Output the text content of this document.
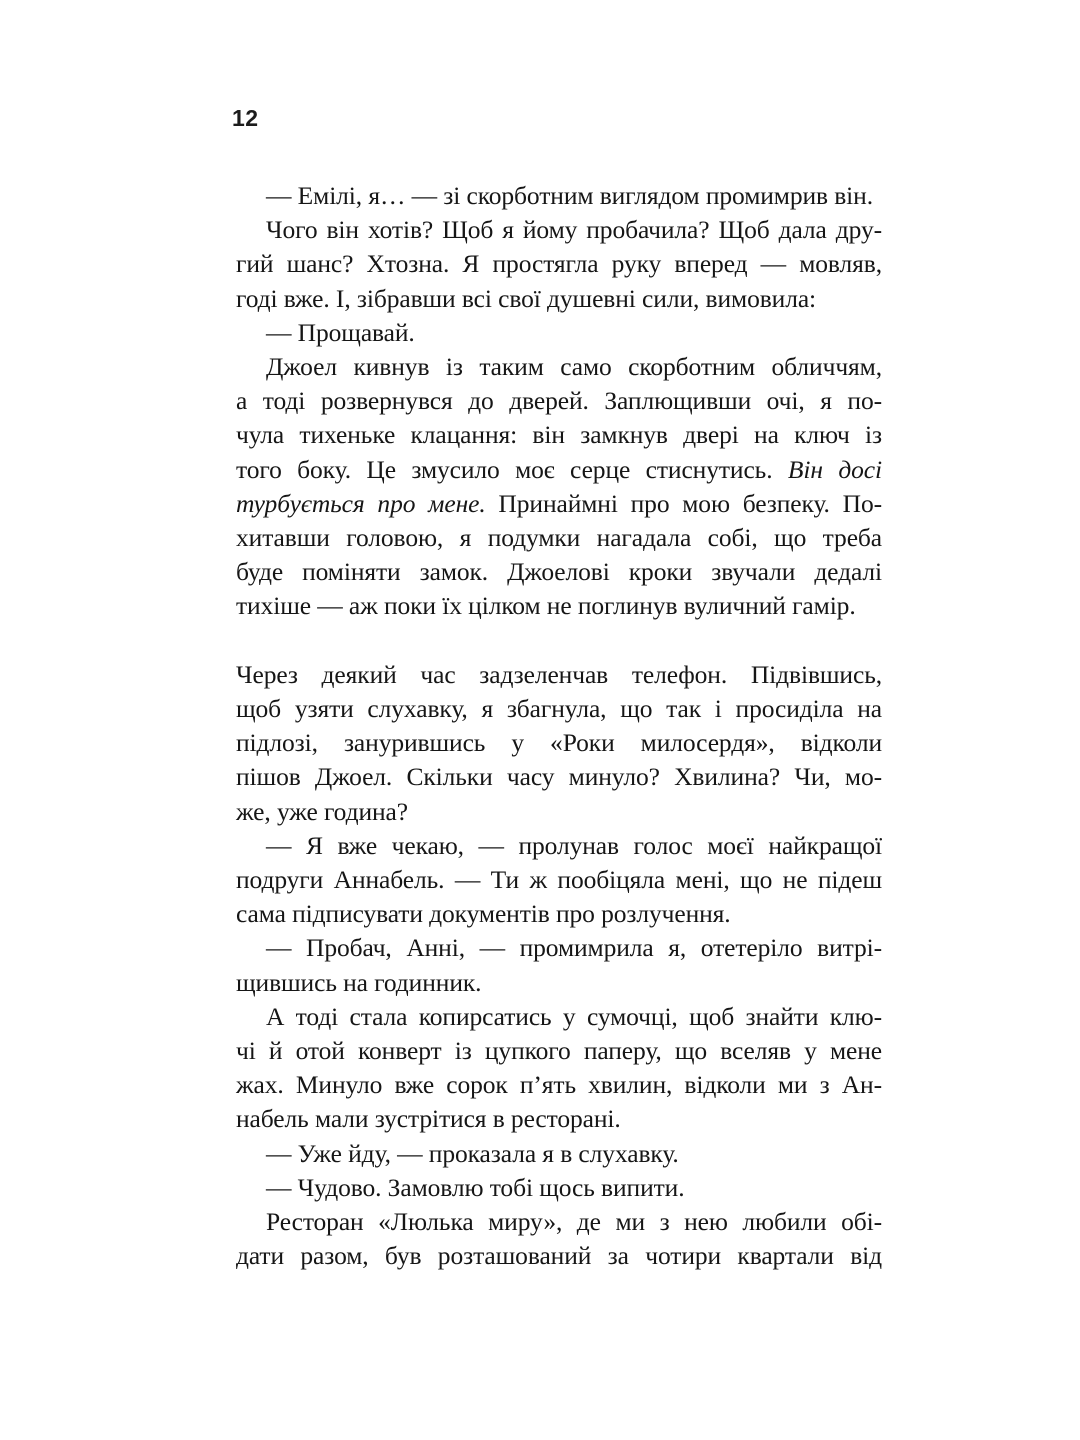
12
— Емілі, я… — зі скорботним виглядом промимрив він.
Чого він хотів? Щоб я йому пробачила? Щоб дала дру-
гий шанс? Хтозна. Я простягла руку вперед — мовляв,
годі вже. І, зібравши всі свої душевні сили, вимовила:
— Прощавай.
Джоел кивнув із таким само скорботним обличчям,
а тоді розвернувся до дверей. Заплющивши очі, я по-
чула тихеньке клацання: він замкнув двері на ключ із
того боку. Це змусило моє серце стиснутись. Він досі
турбується про мене. Принаймні про мою безпеку. По-
хитавши головою, я подумки нагадала собі, що треба
буде поміняти замок. Джоелові кроки звучали дедалі
тихіше — аж поки їх цілком не поглинув вуличний гамір.
Через деякий час задзеленчав телефон. Підвівшись,
щоб узяти слухавку, я збагнула, що так і просиділа на
підлозі, занурившись у «Роки милосердя», відколи
пішов Джоел. Скільки часу минуло? Хвилина? Чи, мо-
же, уже година?
— Я вже чекаю, — пролунав голос моєї найкращої
подруги Аннабель. — Ти ж пообіцяла мені, що не підеш
сама підписувати документів про розлучення.
— Пробач, Анні, — промимрила я, отетеріло витрі-
щившись на годинник.
А тоді стала копирсатись у сумочці, щоб знайти клю-
чі й отой конверт із цупкого паперу, що вселяв у мене
жах. Минуло вже сорок п’ять хвилин, відколи ми з Ан-
набель мали зустрітися в ресторані.
— Уже йду, — проказала я в слухавку.
— Чудово. Замовлю тобі щось випити.
Ресторан «Люлька миру», де ми з нею любили обі-
дати разом, був розташований за чотири квартали від
